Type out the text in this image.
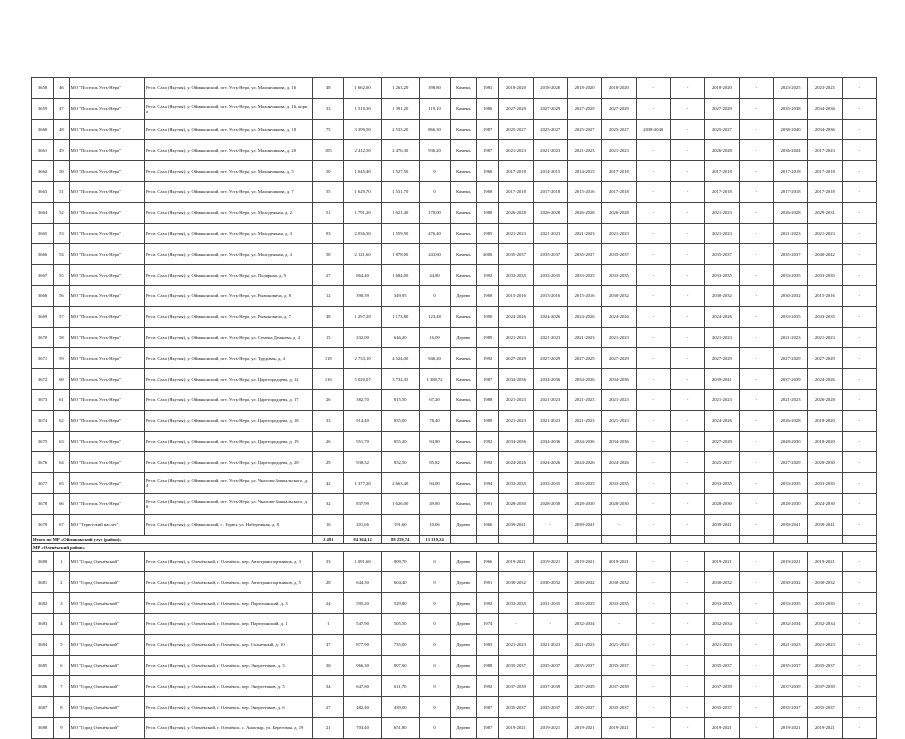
3658	46	МО "Поселок Усть-Нера"	Респ. Саха (Якутия), у. Оймяконский, пгт. Усть-Нера, ул. Малинчикова, д. 16	48	1 662,00	1 263,20	398,80	Камень	1983	2018-2020	2018-2020	2018-2020	2018-2020	-	-	2018-2020	-	2023-2025	2023-2025	-
3659	47	МО "Поселок Усть-Нера"	Респ. Саха (Якутия), у. Оймяконский, пгт. Усть-Нера, ул. Малинчикова, д. 16, корп. а	33	1 510,30	1 391,20	119,10	Камень	1986	2027-2029	2027-2029	2027-2029	2027-2029	-	-	2027-2029	-	2035-2038	2034-2036	-
3660	48	МО "Поселок Усть-Нера"	Респ. Саха (Якутия), у. Оймяконский, пгт. Усть-Нера, ул. Малинчикова, д. 18	75	3 399,50	2 533,20	866,30	Камень	1987	2025-2027	2025-2027	2025-2027	2025-2027	2038-2040	-	2025-2027	-	2038-2040	2034-2036	-
3661	49	МО "Поселок Усть-Нера"	Респ. Саха (Якутия), у. Оймяконский, пгт. Усть-Нера, ул. Малинчикова, д. 20	105	2 412,50	2 476,30	936,20	Камень	1987	2021-2023	2021-2023	2021-2023	2021-2023	-	-	2026-2028	-	2036-2024	2017-2023	-
3662	50	МО "Поселок Усть-Нера"	Респ. Саха (Якутия), у. Оймяконский, пгт. Усть-Нера, ул. Малинчикова, д. 5	50	1 645,40	1 527,50	0	Камень	1968	2017-2018	2014-2015	2014-2015	2017-2018	-	-	2017-2018	-	2017-2018	2017-2018	-
3663	51	МО "Поселок Усть-Нера"	Респ. Саха (Якутия), у. Оймяконский, пгт. Усть-Нера, ул. Малинчикова, д. 7	55	1 629,70	1 531,70	0	Камень	1968	2017-2018	2017-2018	2015-2016	2017-2018	-	-	2017-2018	-	2017-2018	2017-2018	-
3664	52	МО "Поселок Усть-Нера"	Респ. Саха (Якутия), у. Оймяконский, пгт. Усть-Нера, ул. Молодежная, д. 2	51	1 791,20	1 621,40	170,00	Камень	1988	2026-2028	2026-2028	2026-2028	2026-2028	-	-	2021-2023	-	2026-2028	2029-2031	-
3665	53	МО "Поселок Усть-Нера"	Респ. Саха (Якутия), у. Оймяконский, пгт. Усть-Нера, ул. Молодежная, д. 3	93	2 036,30	1 559,90	476,40	Камень	1985	2021-2023	2021-2023	2021-2023	2021-2023	-	-	2021-2023	-	2021-2023	2021-2023	-
3666	54	МО "Поселок Усть-Нера"	Респ. Саха (Якутия), у. Оймяконский, пгт. Усть-Нера, ул. Молодежная, д. 4	58	2 121,60	1 878,00	243,60	Камень	2006	2035-2037	2035-2037	2035-2037	2035-2037	-	-	2035-2037	-	2035-2037	2040-2042	-
3667	55	МО "Поселок Усть-Нера"	Респ. Саха (Якутия), у. Оймяконский, пгт. Усть-Нера, ул. Полярная, д. 9	27	864,40	1 684,00	44,80	Камень	1992	2033-2035	2033-2035	2033-2035	2033-2035	-	-	2033-2035	-	2033-2035	2033-2035	-
3668	56	МО "Поселок Усть-Нера"	Респ. Саха (Якутия), у. Оймяконский, пгт. Усть-Нера, ул. Рывоновича, д. 8	12	390,39	349,95	0	Дерево	1968	2015-2016	2015-2016	2015-2016	2030-2032	-	-	2030-2032	-	2030-2032	2015-2016	-
3669	57	МО "Поселок Усть-Нера"	Респ. Саха (Якутия), у. Оймяконский, пгт. Усть-Нера, ул. Рывоновича, д. 7	48	1 297,28	1 173,80	123,48	Камень	1990	2024-2026	2024-2026	2024-2026	2024-2026	-	-	2024-2026	-	2033-2035	2033-2035	-
3670	58	МО "Поселок Усть-Нера"	Респ. Саха (Якутия), у. Оймяконский, пгт. Усть-Нера, ул. Семена Дежнева, д. 4	15	332,00	646,20	16,09	Дерево	1989	2021-2023	2021-2023	2021-2023	2021-2023	-	-	2021-2023	-	2021-2023	2021-2023	-
3671	59	МО "Поселок Усть-Нера"	Респ. Саха (Якутия), у. Оймяконский, пгт. Усть-Нера, ул. Трудовая, д. 4	118	2 733,10	4 524,00	946,20	Камень	1992	2027-2029	2027-2029	2027-2029	2027-2029	-	-	2027-2029	-	2027-2029	2027-2029	-
3672	60	МО "Поселок Усть-Нера"	Респ. Саха (Якутия), у. Оймяконский, пгт. Усть-Нера, ул. Царегородцева, д. 12	116	5 020,07	3 732,45	1 388,72	Камень	1987	2034-2036	2034-2036	2034-2036	2034-2036	-	-	2039-2041	-	2037-2039	2024-2026	-
3673	61	МО "Поселок Усть-Нера"	Респ. Саха (Якутия), у. Оймяконский, пгт. Усть-Нера, ул. Царегородцева, д. 17	26	382,70	815,50	67,20	Камень	1988	2021-2023	2021-2023	2021-2023	2021-2023	-	-	2021-2023	-	2021-2023	2026-2028	-
3674	62	МО "Поселок Усть-Нера"	Респ. Саха (Якутия), у. Оймяконский, пгт. Усть-Нера, ул. Царегородцева, д. 18	33	914,40	835,00	78,40	Камень	1989	2021-2023	2021-2023	2021-2023	2021-2023	-	-	2024-2026	-	2026-2028	2018-2020	-
3675	63	МО "Поселок Усть-Нера"	Респ. Саха (Якутия), у. Оймяконский, пгт. Усть-Нера, ул. Царегородцева, д. 19	26	951,70	855,20	94,80	Камень	1992	2034-2036	2034-2036	2034-2036	2034-2036	-	-	2027-2029	-	2028-2030	2018-2020	-
3676	64	МО "Поселок Усть-Нера"	Респ. Саха (Якутия), у. Оймяконский, пгт. Усть-Нера, ул. Царегородцева, д. 20	29	938,32	852,50	85,82	Камень	1992	2024-2026	2024-2026	2024-2026	2024-2026	-	-	2025-2027	-	2027-2029	2028-2030	-
3677	65	МО "Поселок Усть-Нера"	Респ. Саха (Якутия), у. Оймяконский, пгт. Усть-Нера, ул. Чкалова-Зашкальского, д. 4	42	1 377,20	2 663,40	94,00	Камень	1994	2033-2035	2033-2035	2033-2035	2033-2035	-	-	2033-2035	-	2033-2035	2033-2035	-
3678	66	МО "Поселок Усть-Нера"	Респ. Саха (Якутия), у. Оймяконский, пгт. Усть-Нера, ул. Чкалова-Зашкальского, д. 6	32	837,99	1 626,00	49,80	Камень	1991	2028-2030	2028-2030	2028-2030	2028-2030	-	-	2028-2030	-	2028-2030	2024-2030	-
3679	67	МО "Терютский наслег"	Респ. Саха (Якутия), у. Оймяконский, с. Терют, ул. Набережная, д. 8	16	201,66	191,60	10,06	Дерево	1966	2039-2041	-	2039-2041	-	-	-	2039-2041	-	2039-2041	2039-2041	-
Итого по МР «Оймяконский улус (район)»				2 481	84 364,12	88 259,74	13 319,24													
МР «Оленёкский район»																				
3680	1	МО "Город Оленёкский"	Респ. Саха (Якутия), у. Оленёкский, г. Оленёкск, пер. Автотранспортников, д. 3	33	1 091,60	909,70	0	Дерево	1966	2019-2021	2019-2021	2019-2021	2019-2021	-	-	2019-2021	-	2019-2021	2019-2021	-
3681	2	МО "Город Оленёкский"	Респ. Саха (Якутия), у. Оленёкский, г. Оленёкск, пер. Автотранспортников, д. 5	28	644,30	604,40	0	Дерево	1991	2030-2032	2030-2032	2030-2032	2030-2032	-	-	2030-2032	-	2030-2032	2030-2032	-
3682	3	МО "Город Оленёкский"	Респ. Саха (Якутия), у. Оленёкский, г. Оленёкск, пер. Партизанский, д. 3	24	595,20	529,80	0	Дерево	1992	2033-2035	2031-2035	2033-2035	2033-2035	-	-	2033-2035	-	2033-2035	2033-2035	-
3683	4	МО "Город Оленёкский"	Респ. Саха (Якутия), у. Оленёкский, г. Оленёкск, пер. Партизанский, д. 1	1	547,90	505,50	0	Дерево	1974	-	-	2032-2034	-	-	-	2032-2034	-	2032-2034	2032-2034	-
3684	5	МО "Город Оленёкский"	Респ. Саха (Якутия), у. Оленёкский, г. Оленёкск, пер. Солнечный, д. 10	47	877,90	735,00	0	Дерево	1983	2021-2023	2021-2023	2021-2023	2021-2023	-	-	2021-2023	-	2021-2023	2021-2023	-
3685	6	МО "Город Оленёкский"	Респ. Саха (Якутия), у. Оленёкский, г. Оленёкск, пер. Энергетиков, д. 3	30	966,30	907,60	0	Дерево	1988	2035-2037	2035-2037	2035-2037	2035-2037	-	-	2035-2037	-	2035-2037	2035-2037	-
3686	7	МО "Город Оленёкский"	Респ. Саха (Якутия), у. Оленёкский, г. Оленёкск, пер. Энергетиков, д. 5	34	647,80	611,70	0	Дерево	1992	2037-2039	2037-2039	2037-2039	2037-2039	-	-	2037-2039	-	2037-2039	2037-2039	-
3687	8	МО "Город Оленёкский"	Респ. Саха (Якутия), у. Оленёкский, г. Оленёкск, пер. Энергетиков, д. 6	27	482,40	439,00	0	Дерево	1987	2035-2037	2035-2037	2035-2037	2035-2037	-	-	2035-2037	-	2035-2037	2035-2037	-
3688	9	МО "Город Оленёкский"	Респ. Саха (Якутия), у. Оленёкский, г. Оленёкск, с. Анахтыр, ул. Береговая, д. 19	21	703,40	651,80	0	Дерево	1987	2019-2021	2019-2021	2019-2021	2019-2021	-	-	2019-2021	-	2019-2021	2019-2021	-
